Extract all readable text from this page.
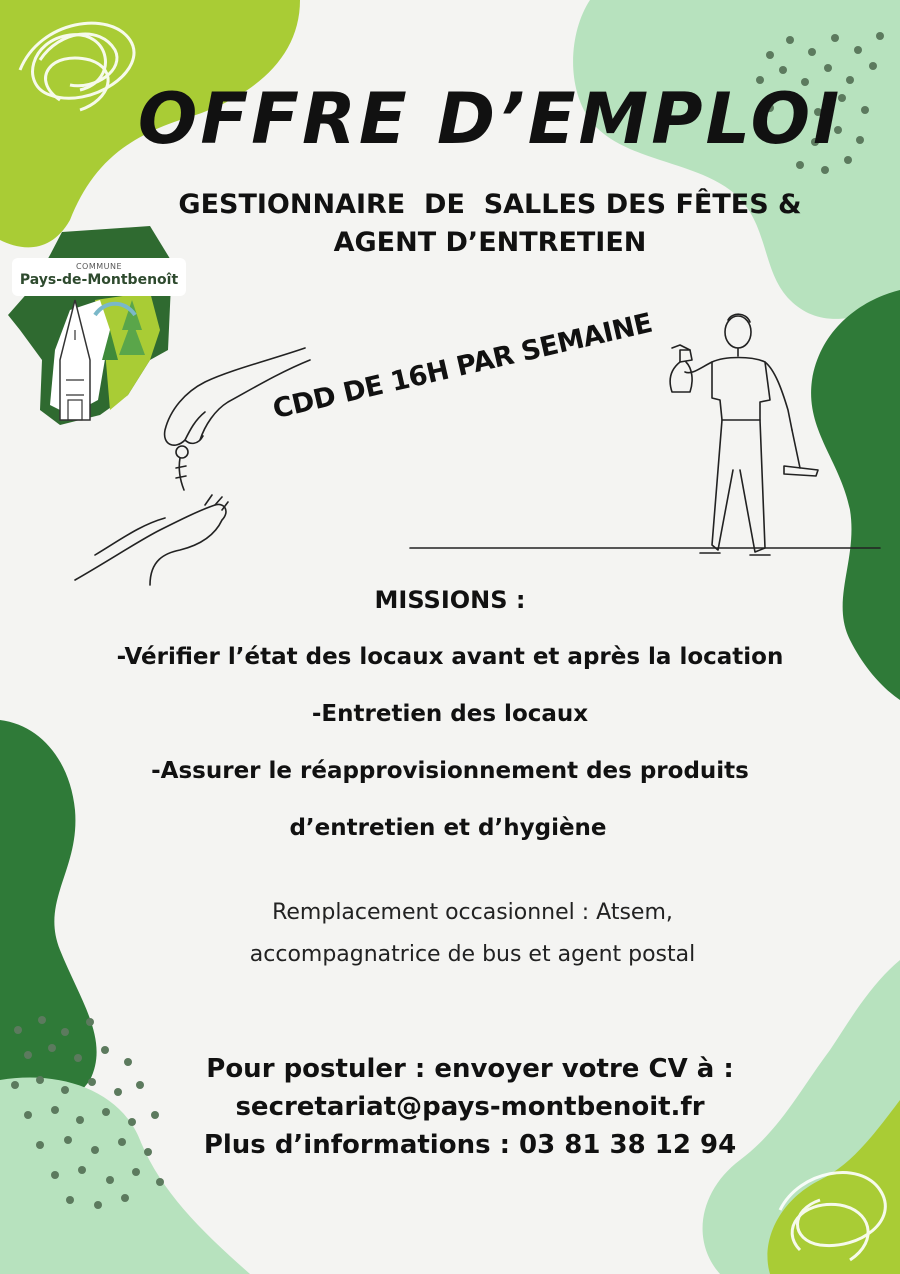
COMMUNE
Pays-de-Montbenoît
OFFRE D’EMPLOI
GESTIONNAIRE  DE  SALLES DES FÊTES &
AGENT D’ENTRETIEN
CDD DE 16H PAR SEMAINE
MISSIONS :
-Vérifier l’état des locaux avant et après la location
-Entretien des locaux
-Assurer le réapprovisionnement des produits
d’entretien et d’hygiène
Remplacement occasionnel : Atsem,
accompagnatrice de bus et agent postal
Pour postuler : envoyer votre CV à :
secretariat@pays-montbenoit.fr
Plus d’informations : 03 81 38 12 94
